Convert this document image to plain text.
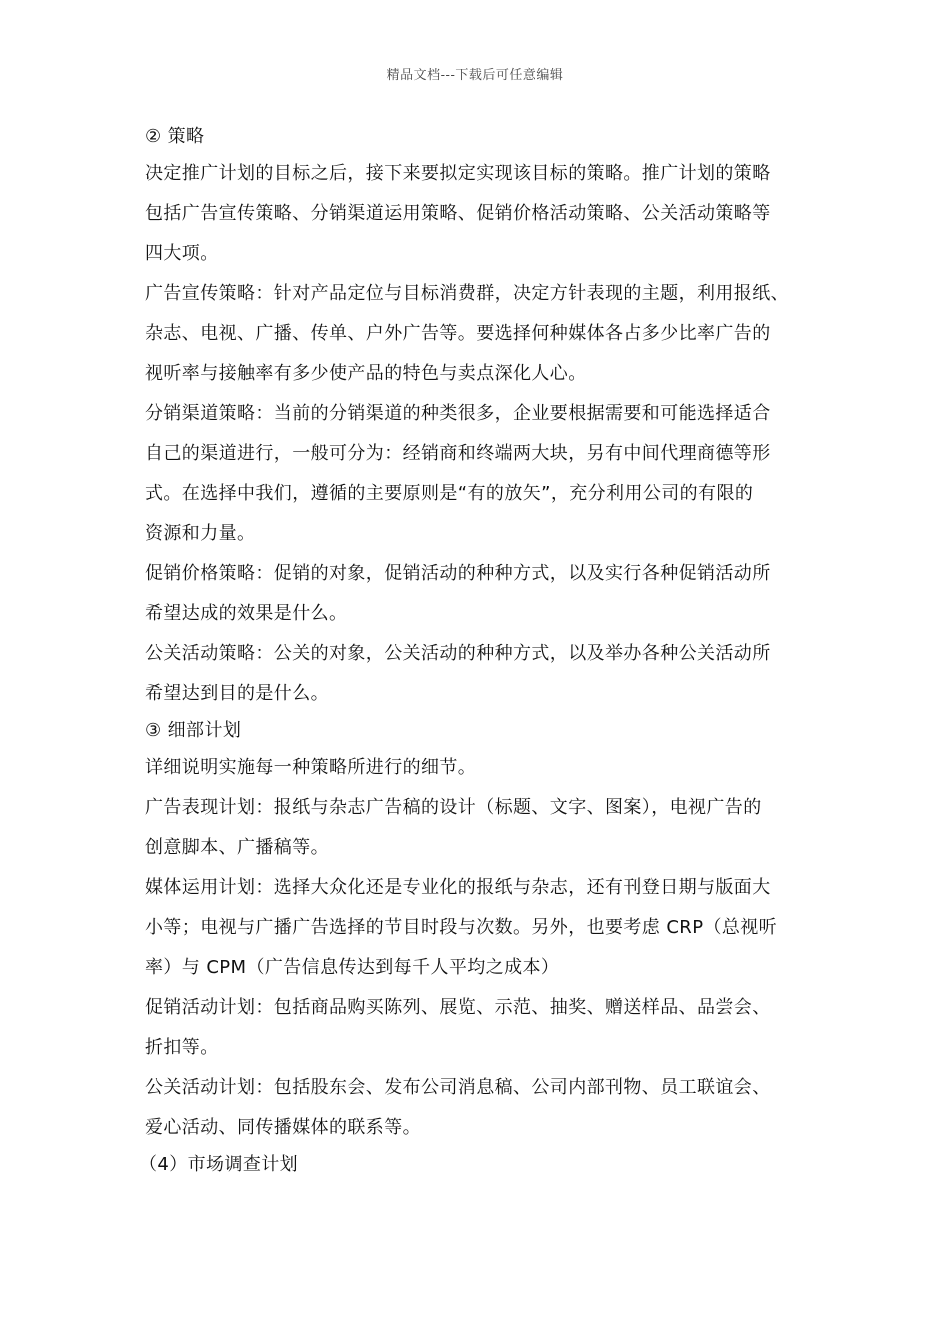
精品文档---下载后可任意编辑
② 策略
决定推广计划的目标之后，接下来要拟定实现该目标的策略。推广计划的策略
包括广告宣传策略、分销渠道运用策略、促销价格活动策略、公关活动策略等
四大项。
广告宣传策略：针对产品定位与目标消费群，决定方针表现的主题，利用报纸、
杂志、电视、广播、传单、户外广告等。要选择何种媒体各占多少比率广告的
视听率与接触率有多少使产品的特色与卖点深化人心。
分销渠道策略：当前的分销渠道的种类很多，企业要根据需要和可能选择适合
自己的渠道进行，一般可分为：经销商和终端两大块，另有中间代理商德等形
式。在选择中我们，遵循的主要原则是“有的放矢”，充分利用公司的有限的
资源和力量。
促销价格策略：促销的对象，促销活动的种种方式，以及实行各种促销活动所
希望达成的效果是什么。
公关活动策略：公关的对象，公关活动的种种方式，以及举办各种公关活动所
希望达到目的是什么。
③ 细部计划
详细说明实施每一种策略所进行的细节。
广告表现计划：报纸与杂志广告稿的设计（标题、文字、图案），电视广告的
创意脚本、广播稿等。
媒体运用计划：选择大众化还是专业化的报纸与杂志，还有刊登日期与版面大
小等；电视与广播广告选择的节目时段与次数。另外，也要考虑 CRP（总视听
率）与 CPM（广告信息传达到每千人平均之成本）
促销活动计划：包括商品购买陈列、展览、示范、抽奖、赠送样品、品尝会、
折扣等。
公关活动计划：包括股东会、发布公司消息稿、公司内部刊物、员工联谊会、
爱心活动、同传播媒体的联系等。
（4）市场调查计划
